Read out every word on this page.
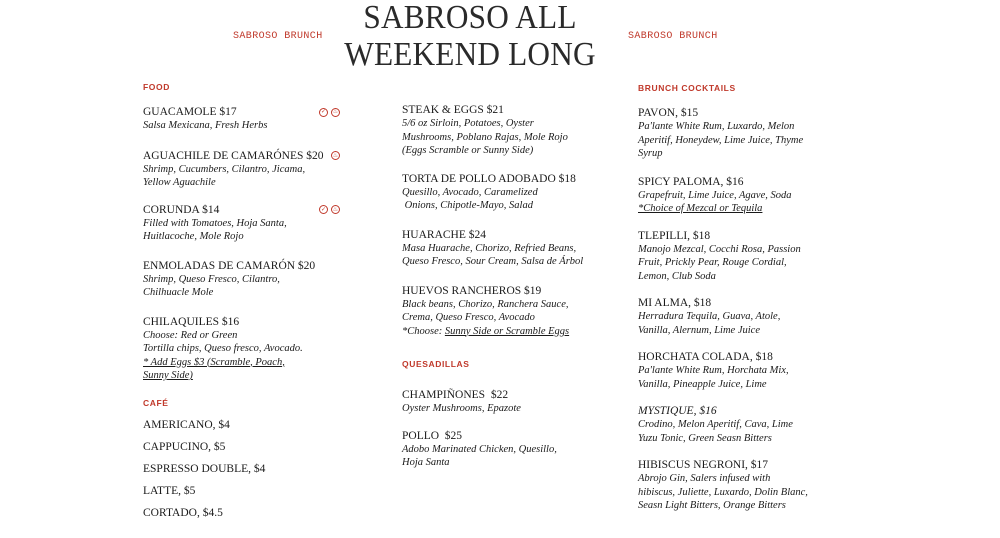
SABROSO BRUNCH	SABROSO BRUNCH
SABROSO ALL
WEEKEND LONG

FOOD

GUACAMOLE $17	✓	♨
Salsa Mexicana, Fresh Herbs
AGUACHILE DE CAMARÓNES $20 ♨
Shrimp, Cucumbers, Cilantro, Jicama,
Yellow Aguachile
CORUNDA $14	✓	♨
Filled with Tomatoes, Hoja Santa,
Huitlacoche, Mole Rojo
ENMOLADAS DE CAMARÓN $20
Shrimp, Queso Fresco, Cilantro,
Chilhuacle Mole
CHILAQUILES $16
Choose: Red or Green
Tortilla chips, Queso fresco, Avocado.
* Add Eggs $3 (Scramble, Poach,
Sunny Side)

CAFÉ

AMERICANO, $4
CAPPUCINO, $5
ESPRESSO DOUBLE, $4
LATTE, $5
CORTADO, $4.5
STEAK & EGGS $21
5/6 oz Sirloin, Potatoes, Oyster
Mushrooms, Poblano Rajas, Mole Rojo
(Eggs Scramble or Sunny Side)
TORTA DE POLLO ADOBADO $18
Quesillo, Avocado, Caramelized
Onions, Chipotle-Mayo, Salad
HUARACHE $24
Masa Huarache, Chorizo, Refried Beans,
Queso Fresco, Sour Cream, Salsa de Árbol
HUEVOS RANCHEROS $19
Black beans, Chorizo, Ranchera Sauce,
Crema, Queso Fresco, Avocado
*Choose: Sunny Side or Scramble Eggs

QUESADILLAS

CHAMPIÑONES  $22
Oyster Mushrooms, Epazote
POLLO  $25
Adobo Marinated Chicken, Quesillo,
Hoja Santa

BRUNCH COCKTAILS

PAVON, $15
Pa'lante White Rum, Luxardo, Melon
Aperitif, Honeydew, Lime Juice, Thyme
Syrup
SPICY PALOMA, $16
Grapefruit, Lime Juice, Agave, Soda
*Choice of Mezcal or Tequila
TLEPILLI, $18
Manojo Mezcal, Cocchi Rosa, Passion
Fruit, Prickly Pear, Rouge Cordial,
Lemon, Club Soda
MI ALMA, $18
Herradura Tequila, Guava, Atole,
Vanilla, Alernum, Lime Juice
HORCHATA COLADA, $18
Pa'lante White Rum, Horchata Mix,
Vanilla, Pineapple Juice, Lime
MYSTIQUE, $16
Crodino, Melon Aperitif, Cava, Lime
Yuzu Tonic, Green Seasn Bitters
HIBISCUS NEGRONI, $17
Abrojo Gin, Salers infused with
hibiscus, Juliette, Luxardo, Dolin Blanc,
Seasn Light Bitters, Orange Bitters
